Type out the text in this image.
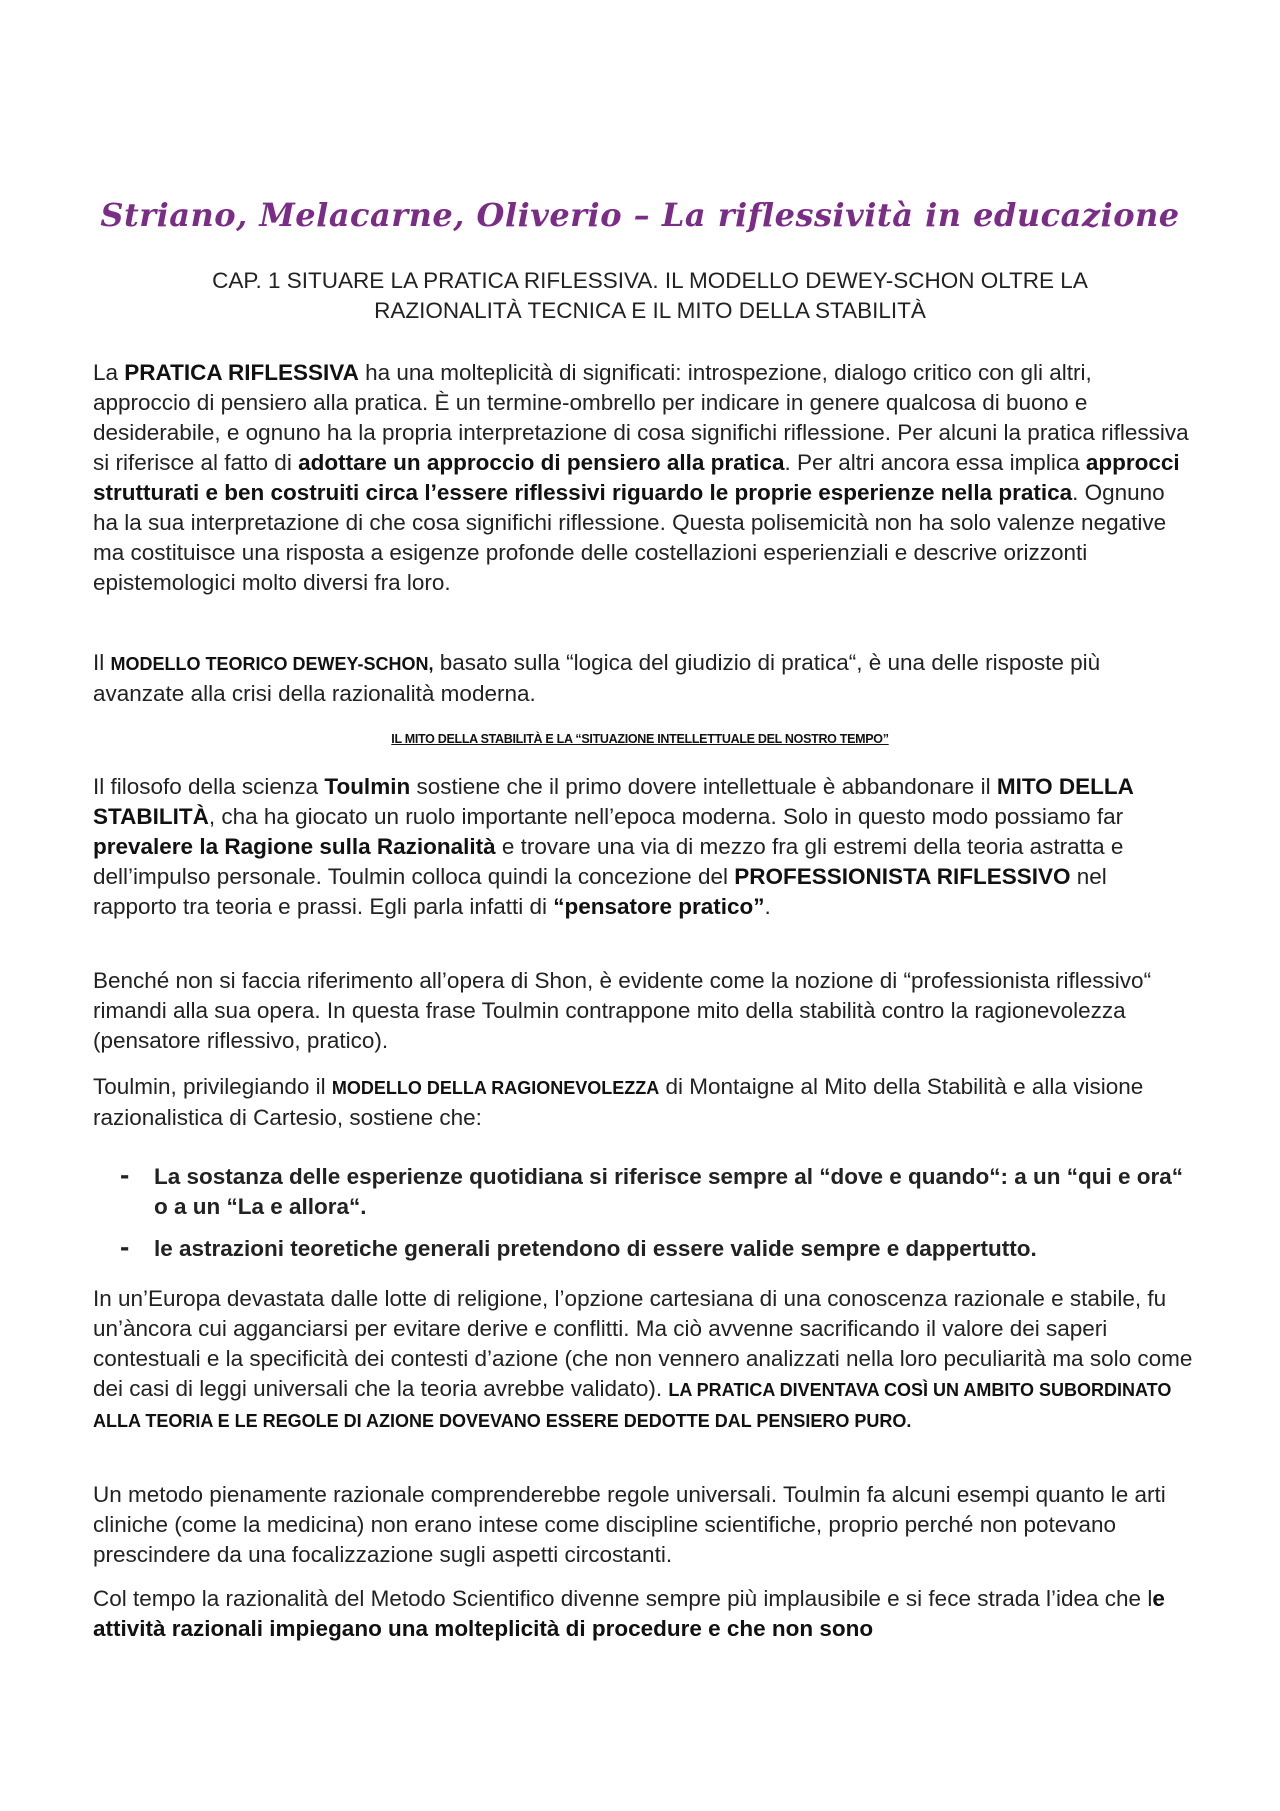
Striano, Melacarne, Oliverio – La riflessività in educazione
CAP. 1 SITUARE LA PRATICA RIFLESSIVA. IL MODELLO DEWEY-SCHON OLTRE LA
RAZIONALITÀ TECNICA E IL MITO DELLA STABILITÀ
La PRATICA RIFLESSIVA ha una molteplicità di significati: introspezione, dialogo critico con gli altri, approccio di pensiero alla pratica. È un termine-ombrello per indicare in genere qualcosa di buono e desiderabile, e ognuno ha la propria interpretazione di cosa significhi riflessione. Per alcuni la pratica riflessiva si riferisce al fatto di adottare un approccio di pensiero alla pratica. Per altri ancora essa implica approcci strutturati e ben costruiti circa l’essere riflessivi riguardo le proprie esperienze nella pratica. Ognuno ha la sua interpretazione di che cosa significhi riflessione. Questa polisemicità non ha solo valenze negative ma costituisce una risposta a esigenze profonde delle costellazioni esperienziali e descrive orizzonti epistemologici molto diversi fra loro.
Il MODELLO TEORICO DEWEY-SCHON, basato sulla “logica del giudizio di pratica“, è una delle risposte più avanzate alla crisi della razionalità moderna.
IL MITO DELLA STABILITÀ E LA “SITUAZIONE INTELLETTUALE DEL NOSTRO TEMPO”
Il filosofo della scienza Toulmin sostiene che il primo dovere intellettuale è abbandonare il MITO DELLA STABILITÀ, cha ha giocato un ruolo importante nell’epoca moderna. Solo in questo modo possiamo far prevalere la Ragione sulla Razionalità e trovare una via di mezzo fra gli estremi della teoria astratta e dell’impulso personale. Toulmin colloca quindi la concezione del PROFESSIONISTA RIFLESSIVO nel rapporto tra teoria e prassi. Egli parla infatti di “pensatore pratico”.
Benché non si faccia riferimento all’opera di Shon, è evidente come la nozione di “professionista riflessivo“ rimandi alla sua opera. In questa frase Toulmin contrappone mito della stabilità contro la ragionevolezza (pensatore riflessivo, pratico).
Toulmin, privilegiando il MODELLO DELLA RAGIONEVOLEZZA di Montaigne al Mito della Stabilità e alla visione razionalistica di Cartesio, sostiene che:
- La sostanza delle esperienze quotidiana si riferisce sempre al “dove e quando“: a un “qui e ora“ o a un “La e allora“.
- le astrazioni teoretiche generali pretendono di essere valide sempre e dappertutto.
In un’Europa devastata dalle lotte di religione, l’opzione cartesiana di una conoscenza razionale e stabile, fu un’àncora cui agganciarsi per evitare derive e conflitti. Ma ciò avvenne sacrificando il valore dei saperi contestuali e la specificità dei contesti d’azione (che non vennero analizzati nella loro peculiarità ma solo come dei casi di leggi universali che la teoria avrebbe validato). LA PRATICA DIVENTAVA COSÌ UN AMBITO SUBORDINATO ALLA TEORIA E LE REGOLE DI AZIONE DOVEVANO ESSERE DEDOTTE DAL PENSIERO PURO.
Un metodo pienamente razionale comprenderebbe regole universali. Toulmin fa alcuni esempi quanto le arti cliniche (come la medicina) non erano intese come discipline scientifiche, proprio perché non potevano prescindere da una focalizzazione sugli aspetti circostanti.
Col tempo la razionalità del Metodo Scientifico divenne sempre più implausibile e si fece strada l’idea che le attività razionali impiegano una molteplicità di procedure e che non sono
